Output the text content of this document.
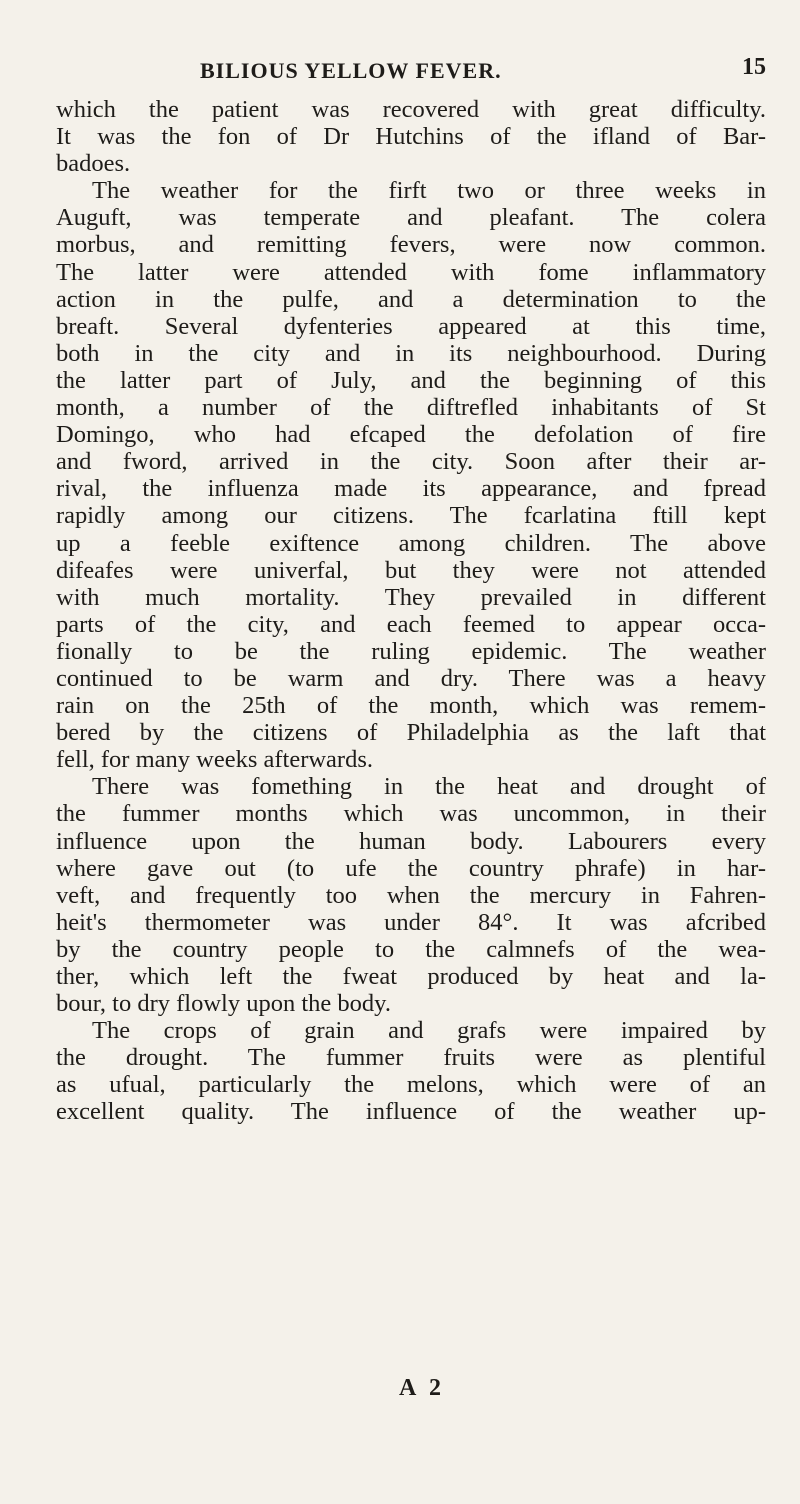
BILIOUS YELLOW FEVER.	15
which the patient was recovered with great difficulty.
It was the fon of Dr Hutchins of the ifland of Bar-
badoes.
The weather for the firft two or three weeks in
Auguft, was temperate and pleafant. The colera
morbus, and remitting fevers, were now common.
The latter were attended with fome inflammatory
action in the pulfe, and a determination to the
breaft. Several dyfenteries appeared at this time,
both in the city and in its neighbourhood. During
the latter part of July, and the beginning of this
month, a number of the diftrefled inhabitants of St
Domingo, who had efcaped the defolation of fire
and fword, arrived in the city. Soon after their ar-
rival, the influenza made its appearance, and fpread
rapidly among our citizens. The fcarlatina ftill kept
up a feeble exiftence among children. The above
difeafes were univerfal, but they were not attended
with much mortality. They prevailed in different
parts of the city, and each feemed to appear occa-
fionally to be the ruling epidemic. The weather
continued to be warm and dry. There was a heavy
rain on the 25th of the month, which was remem-
bered by the citizens of Philadelphia as the laft that
fell, for many weeks afterwards.
There was fomething in the heat and drought of
the fummer months which was uncommon, in their
influence upon the human body. Labourers every
where gave out (to ufe the country phrafe) in har-
veft, and frequently too when the mercury in Fahren-
heit's thermometer was under 84°. It was afcribed
by the country people to the calmnefs of the wea-
ther, which left the fweat produced by heat and la-
bour, to dry flowly upon the body.
The crops of grain and grafs were impaired by
the drought. The fummer fruits were as plentiful
as ufual, particularly the melons, which were of an
excellent quality. The influence of the weather up-
A 2
